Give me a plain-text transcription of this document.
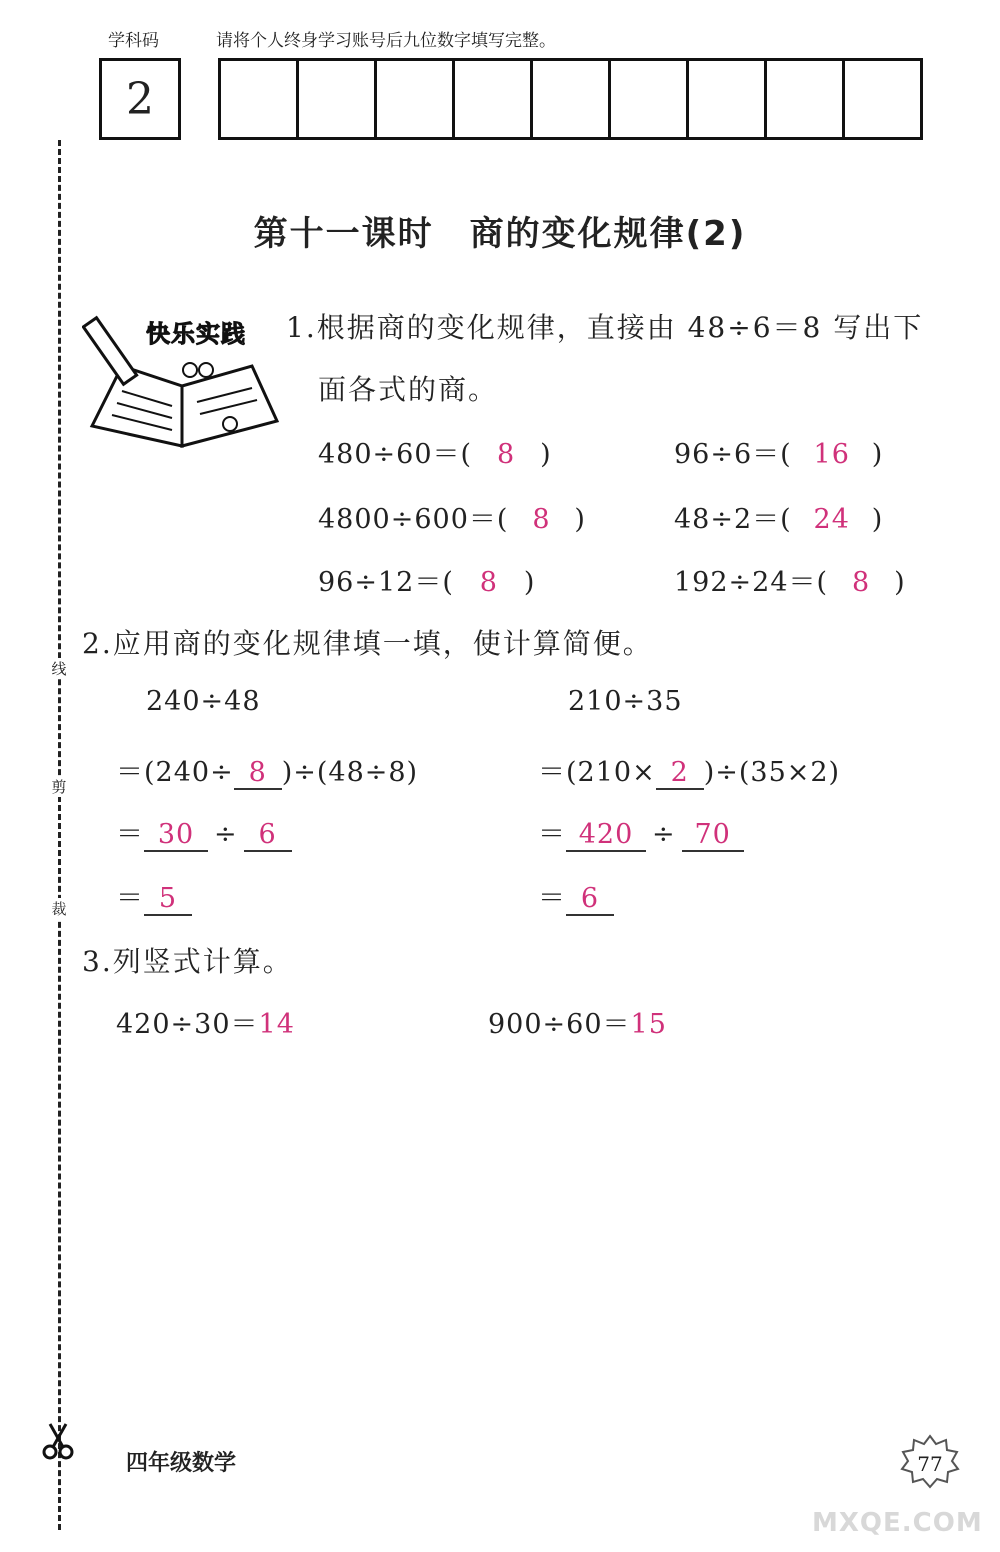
学科码	请将个人终身学习账号后九位数字填写完整。
2
线
剪
裁
第十一课时　商的变化规律(2)
快乐实践 1.根据商的变化规律，直接由 48÷6＝8 写出下
面各式的商。
480÷60＝( 8 )	96÷6＝( 16 )
4800÷600＝( 8 )	48÷2＝( 24 )
96÷12＝( 8 )	192÷24＝( 8 )
2.应用商的变化规律填一填，使计算简便。
240÷48
＝(240÷ 8 )÷(48÷8)
＝ 30 ÷ 6
＝ 5
210÷35
＝(210× 2 )÷(35×2)
＝ 420 ÷ 70
＝ 6
3.列竖式计算。
420÷30＝14	900÷60＝15
四年级数学	77
MXQE.COM
